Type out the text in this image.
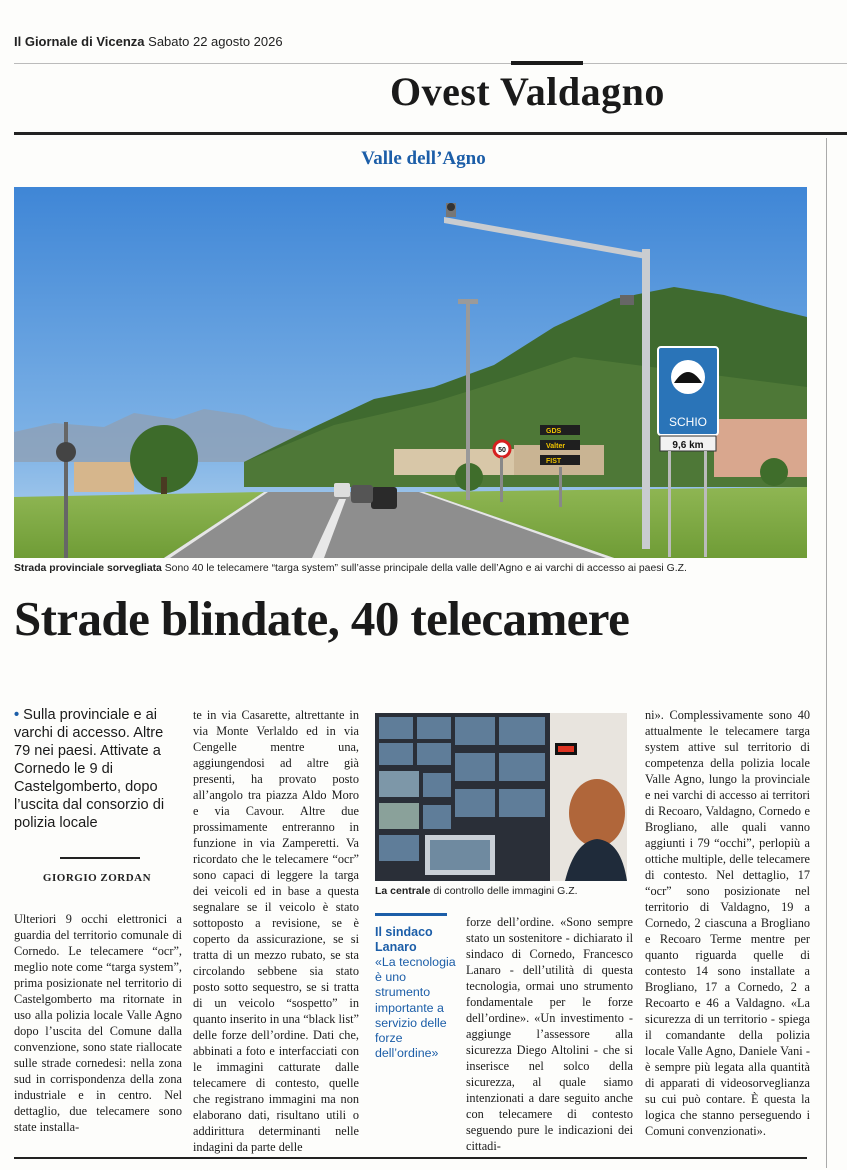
Il Giornale di Vicenza Sabato 22 agosto 2026
Ovest Valdagno
Valle dell’Agno
SCHIO
9,6 km
GDS
Valter
FIST
50
Strada provinciale sorvegliata Sono 40 le telecamere “targa system” sull’asse principale della valle dell’Agno e ai varchi di accesso ai paesi G.Z.
Strade blindate, 40 telecamere
• Sulla provinciale e ai varchi di accesso. Altre 79 nei paesi. Attivate a Cornedo le 9 di Castelgomberto, dopo l’uscita dal consorzio di polizia locale
GIORGIO ZORDAN

Ulteriori 9 occhi elettronici a guardia del territorio comunale di Cornedo. Le telecamere “ocr”, meglio note come “targa system”, prima posizionate nel territorio di Castelgomberto ma ritornate in uso alla polizia locale Valle Agno dopo l’uscita del Comune dalla convenzione, sono state riallocate sulle strade cornedesi: nella zona sud in corrispondenza della zona industriale e in centro. Nel dettaglio, due telecamere sono state installa-

te in via Casarette, altrettante in via Monte Verlaldo ed in via Cengelle mentre una, aggiungendosi ad altre già presenti, ha provato posto all’angolo tra piazza Aldo Moro e via Cavour. Altre due prossimamente entreranno in funzione in via Zamperetti. Va ricordato che le telecamere “ocr” sono capaci di leggere la targa dei veicoli ed in base a questa segnalare se il veicolo è stato sottoposto a revisione, se è coperto da assicurazione, se si tratta di un mezzo rubato, se sta circolando sebbene sia stato posto sotto sequestro, se si tratta di un veicolo “sospetto” in quanto inserito in una “black list” delle forze dell’ordine. Dati che, abbinati a foto e interfacciati con le immagini catturate dalle telecamere di contesto, quelle che registrano immagini ma non elaborano dati, risultano utili o addirittura determinanti nelle indagini da parte delle

forze dell’ordine. «Sono sempre stato un sostenitore - dichiarato il sindaco di Cornedo, Francesco Lanaro - dell’utilità di questa tecnologia, ormai uno strumento fondamentale per le forze dell’ordine». «Un investimento - aggiunge l’assessore alla sicurezza Diego Altolini - che si inserisce nel solco della sicurezza, al quale siamo intenzionati a dare seguito anche con telecamere di contesto seguendo pure le indicazioni dei cittadi-

ni». Complessivamente sono 40 attualmente le telecamere targa system attive sul territorio di competenza della polizia locale Valle Agno, lungo la provinciale e nei varchi di accesso ai territori di Recoaro, Valdagno, Cornedo e Brogliano, alle quali vanno aggiunti i 79 “occhi”, perlopiù a ottiche multiple, delle telecamere di contesto. Nel dettaglio, 17 “ocr” sono posizionate nel territorio di Valdagno, 19 a Cornedo, 2 ciascuna a Brogliano e Recoaro Terme mentre per quanto riguarda quelle di contesto 14 sono installate a Brogliano, 17 a Cornedo, 2 a Recoarto e 46 a Valdagno. «La sicurezza di un territorio - spiega il comandante della polizia locale Valle Agno, Daniele Vani - è sempre più legata alla quantità di apparati di videosorveglianza su cui può contare. È questa la logica che stanno perseguendo i Comuni convenzionati».

La centrale di controllo delle immagini G.Z.
Il sindaco Lanaro
«La tecnologia è uno strumento importante a servizio delle forze dell’ordine»
